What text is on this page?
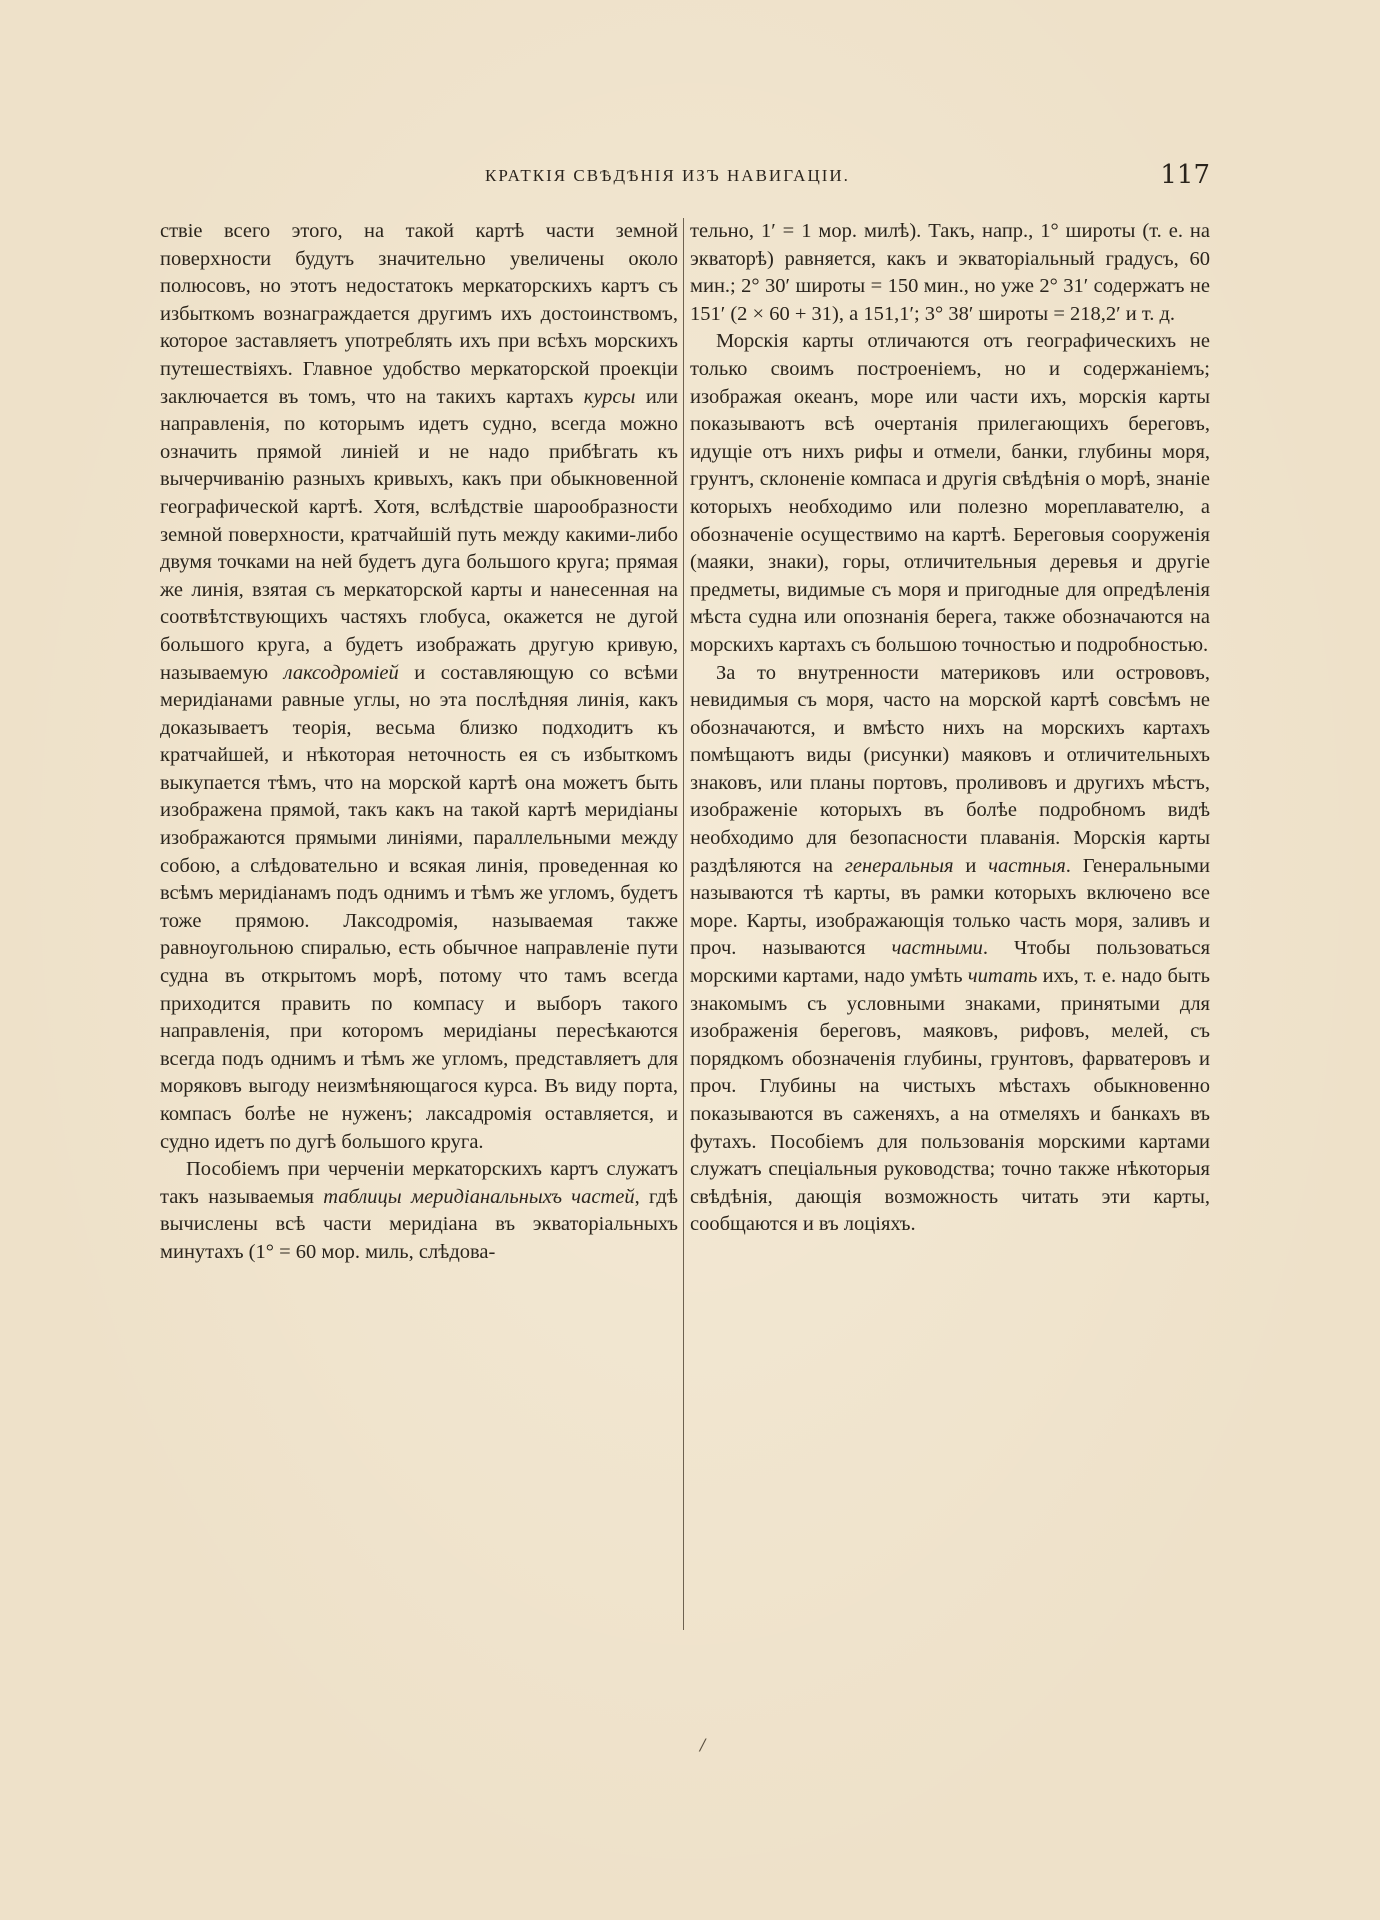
КРАТКІЯ СВѢДѢНІЯ ИЗЪ НАВИГАЦІИ.	117

ствіе всего этого, на такой картѣ части земной поверхности будутъ значительно увеличены около полюсовъ, но этотъ недостатокъ меркаторскихъ картъ съ избыткомъ вознаграждается другимъ ихъ достоинствомъ, которое заставляетъ употреблять ихъ при всѣхъ морскихъ путешествіяхъ. Главное удобство меркаторской проекціи заключается въ томъ, что на такихъ картахъ курсы или направленія, по которымъ идетъ судно, всегда можно означить прямой линіей и не надо прибѣгать къ вычерчиванію разныхъ кривыхъ, какъ при обыкновенной географической картѣ. Хотя, вслѣдствіе шарообразности земной поверхности, кратчайшій путь между какими-либо двумя точками на ней будетъ дуга большого круга; прямая же линія, взятая съ меркаторской карты и нанесенная на соотвѣтствующихъ частяхъ глобуса, окажется не дугой большого круга, а будетъ изображать другую кривую, называемую лаксодроміей и составляющую со всѣми меридіанами равные углы, но эта послѣдняя линія, какъ доказываетъ теорія, весьма близко подходитъ къ кратчайшей, и нѣкоторая неточность ея съ избыткомъ выкупается тѣмъ, что на морской картѣ она можетъ быть изображена прямой, такъ какъ на такой картѣ меридіаны изображаются прямыми линіями, параллельными между собою, а слѣдовательно и всякая линія, проведенная ко всѣмъ меридіанамъ подъ однимъ и тѣмъ же угломъ, будетъ тоже прямою. Лаксодромія, называемая также равноугольною спиралью, есть обычное направленіе пути судна въ открытомъ морѣ, потому что тамъ всегда приходится править по компасу и выборъ такого направленія, при которомъ меридіаны пересѣкаются всегда подъ однимъ и тѣмъ же угломъ, представляетъ для моряковъ выгоду неизмѣняющагося курса. Въ виду порта, компасъ болѣе не нуженъ; лаксадромія оставляется, и судно идетъ по дугѣ большого круга.

Пособіемъ при черченіи меркаторскихъ картъ служатъ такъ называемыя таблицы меридіанальныхъ частей, гдѣ вычислены всѣ части меридіана въ экваторіальныхъ минутахъ (1° = 60 мор. миль, слѣдова-

тельно, 1′ = 1 мор. милѣ). Такъ, напр., 1° широты (т. е. на экваторѣ) равняется, какъ и экваторіальный градусъ, 60 мин.; 2° 30′ широты = 150 мин., но уже 2° 31′ содержатъ не 151′ (2 × 60 + 31), а 151,1′; 3° 38′ широты = 218,2′ и т. д.

Морскія карты отличаются отъ географическихъ не только своимъ построеніемъ, но и содержаніемъ; изображая океанъ, море или части ихъ, морскія карты показываютъ всѣ очертанія прилегающихъ береговъ, идущіе отъ нихъ рифы и отмели, банки, глубины моря, грунтъ, склоненіе компаса и другія свѣдѣнія о морѣ, знаніе которыхъ необходимо или полезно мореплавателю, а обозначеніе осуществимо на картѣ. Береговыя сооруженія (маяки, знаки), горы, отличительныя деревья и другіе предметы, видимые съ моря и пригодные для опредѣленія мѣста судна или опознанія берега, также обозначаются на морскихъ картахъ съ большою точностью и подробностью.

За то внутренности материковъ или острововъ, невидимыя съ моря, часто на морской картѣ совсѣмъ не обозначаются, и вмѣсто нихъ на морскихъ картахъ помѣщаютъ виды (рисунки) маяковъ и отличительныхъ знаковъ, или планы портовъ, проливовъ и другихъ мѣстъ, изображеніе которыхъ въ болѣе подробномъ видѣ необходимо для безопасности плаванія. Морскія карты раздѣляются на генеральныя и частныя. Генеральными называются тѣ карты, въ рамки которыхъ включено все море. Карты, изображающія только часть моря, заливъ и проч. называются частными. Чтобы пользоваться морскими картами, надо умѣть читать ихъ, т. е. надо быть знакомымъ съ условными знаками, принятыми для изображенія береговъ, маяковъ, рифовъ, мелей, съ порядкомъ обозначенія глубины, грунтовъ, фарватеровъ и проч. Глубины на чистыхъ мѣстахъ обыкновенно показываются въ саженяхъ, а на отмеляхъ и банкахъ въ футахъ. Пособіемъ для пользованія морскими картами служатъ спеціальныя руководства; точно также нѣкоторыя свѣдѣнія, дающія возможность читать эти карты, сообщаются и въ лоціяхъ.

/
